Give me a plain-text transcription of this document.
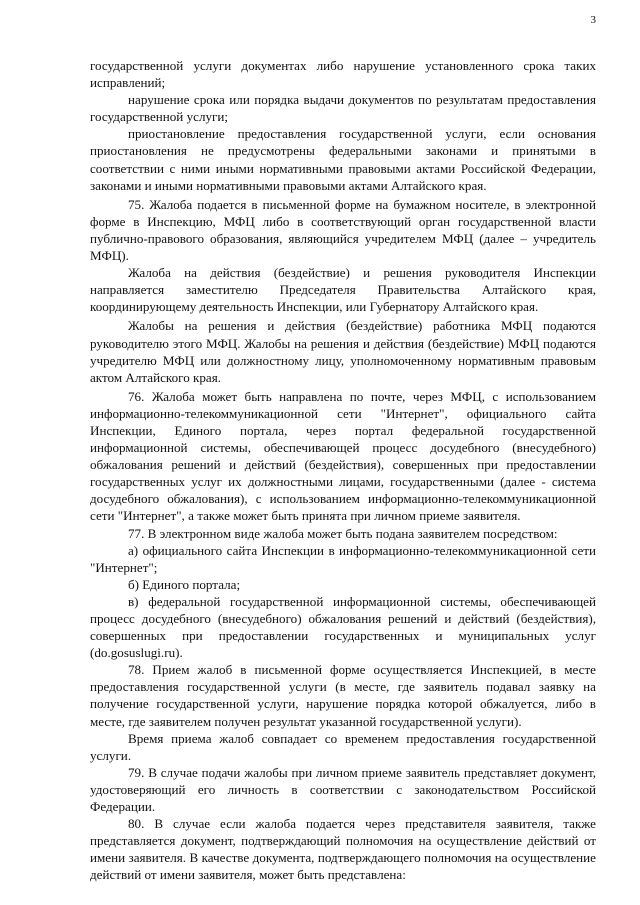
3

государственной услуги документах либо нарушение установленного срока таких исправлений;

нарушение срока или порядка выдачи документов по результатам предоставления государственной услуги;

приостановление предоставления государственной услуги, если основания приостановления не предусмотрены федеральными законами и принятыми в соответствии с ними иными нормативными правовыми актами Российской Федерации, законами и иными нормативными правовыми актами Алтайского края.

75. Жалоба подается в письменной форме на бумажном носителе, в электронной форме в Инспекцию, МФЦ либо в соответствующий орган государственной власти публично-правового образования, являющийся учредителем МФЦ (далее – учредитель МФЦ).

Жалоба на действия (бездействие) и решения руководителя Инспекции направляется заместителю Председателя Правительства Алтайского края, координирующему деятельность Инспекции, или Губернатору Алтайского края.

Жалобы на решения и действия (бездействие) работника МФЦ подаются руководителю этого МФЦ. Жалобы на решения и действия (бездействие) МФЦ подаются учредителю МФЦ или должностному лицу, уполномоченному нормативным правовым актом Алтайского края.

76. Жалоба может быть направлена по почте, через МФЦ, с использованием информационно-телекоммуникационной сети "Интернет", официального сайта Инспекции, Единого портала, через портал федеральной государственной информационной системы, обеспечивающей процесс досудебного (внесудебного) обжалования решений и действий (бездействия), совершенных при предоставлении государственных услуг их должностными лицами, государственными (далее - система досудебного обжалования), с использованием информационно-телекоммуникационной сети "Интернет", а также может быть принята при личном приеме заявителя.

77. В электронном виде жалоба может быть подана заявителем посредством:

а) официального сайта Инспекции в информационно-телекоммуникационной сети "Интернет";

б) Единого портала;

в) федеральной государственной информационной системы, обеспечивающей процесс досудебного (внесудебного) обжалования решений и действий (бездействия), совершенных при предоставлении государственных и муниципальных услуг (do.gosuslugi.ru).

78. Прием жалоб в письменной форме осуществляется Инспекцией, в месте предоставления государственной услуги (в месте, где заявитель подавал заявку на получение государственной услуги, нарушение порядка которой обжалуется, либо в месте, где заявителем получен результат указанной государственной услуги).

Время приема жалоб совпадает со временем предоставления государственной услуги.

79. В случае подачи жалобы при личном приеме заявитель представляет документ, удостоверяющий его личность в соответствии с законодательством Российской Федерации.

80. В случае если жалоба подается через представителя заявителя, также представляется документ, подтверждающий полномочия на осуществление действий от имени заявителя. В качестве документа, подтверждающего полномочия на осуществление действий от имени заявителя, может быть представлена:
